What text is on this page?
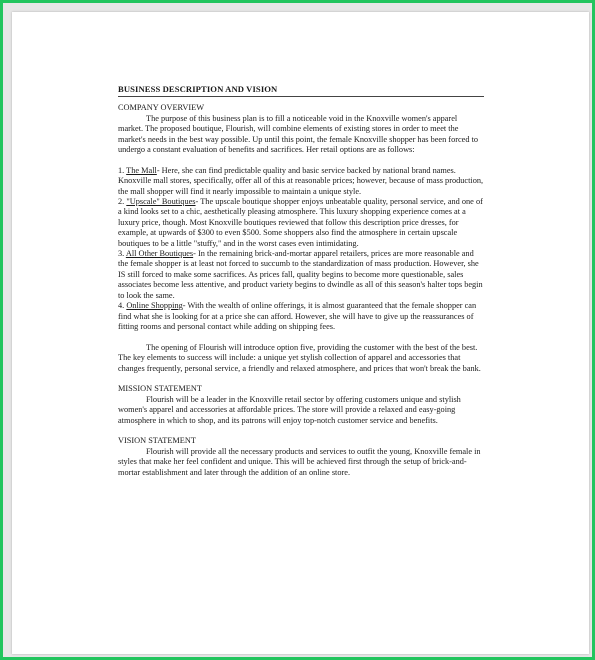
BUSINESS DESCRIPTION AND VISION

COMPANY OVERVIEW

The purpose of this business plan is to fill a noticeable void in the Knoxville women's apparel market. The proposed boutique, Flourish, will combine elements of existing stores in order to meet the market's needs in the best way possible. Up until this point, the female Knoxville shopper has been forced to undergo a constant evaluation of benefits and sacrifices. Her retail options are as follows:

1. The Mall- Here, she can find predictable quality and basic service backed by national brand names. Knoxville mall stores, specifically, offer all of this at reasonable prices; however, because of mass production, the mall shopper will find it nearly impossible to maintain a unique style.

2. "Upscale" Boutiques- The upscale boutique shopper enjoys unbeatable quality, personal service, and one of a kind looks set to a chic, aesthetically pleasing atmosphere. This luxury shopping experience comes at a luxury price, though. Most Knoxville boutiques reviewed that follow this description price dresses, for example, at upwards of $300 to even $500. Some shoppers also find the atmosphere in certain upscale boutiques to be a little "stuffy," and in the worst cases even intimidating.

3. All Other Boutiques- In the remaining brick-and-mortar apparel retailers, prices are more reasonable and the female shopper is at least not forced to succumb to the standardization of mass production. However, she IS still forced to make some sacrifices. As prices fall, quality begins to become more questionable, sales associates become less attentive, and product variety begins to dwindle as all of this season's halter tops begin to look the same.

4. Online Shopping- With the wealth of online offerings, it is almost guaranteed that the female shopper can find what she is looking for at a price she can afford. However, she will have to give up the reassurances of fitting rooms and personal contact while adding on shipping fees.

The opening of Flourish will introduce option five, providing the customer with the best of the best. The key elements to success will include: a unique yet stylish collection of apparel and accessories that changes frequently, personal service, a friendly and relaxed atmosphere, and prices that won't break the bank.

MISSION STATEMENT

Flourish will be a leader in the Knoxville retail sector by offering customers unique and stylish women's apparel and accessories at affordable prices. The store will provide a relaxed and easy-going atmosphere in which to shop, and its patrons will enjoy top-notch customer service and benefits.

VISION STATEMENT

Flourish will provide all the necessary products and services to outfit the young, Knoxville female in styles that make her feel confident and unique. This will be achieved first through the setup of brick-and-mortar establishment and later through the addition of an online store.
